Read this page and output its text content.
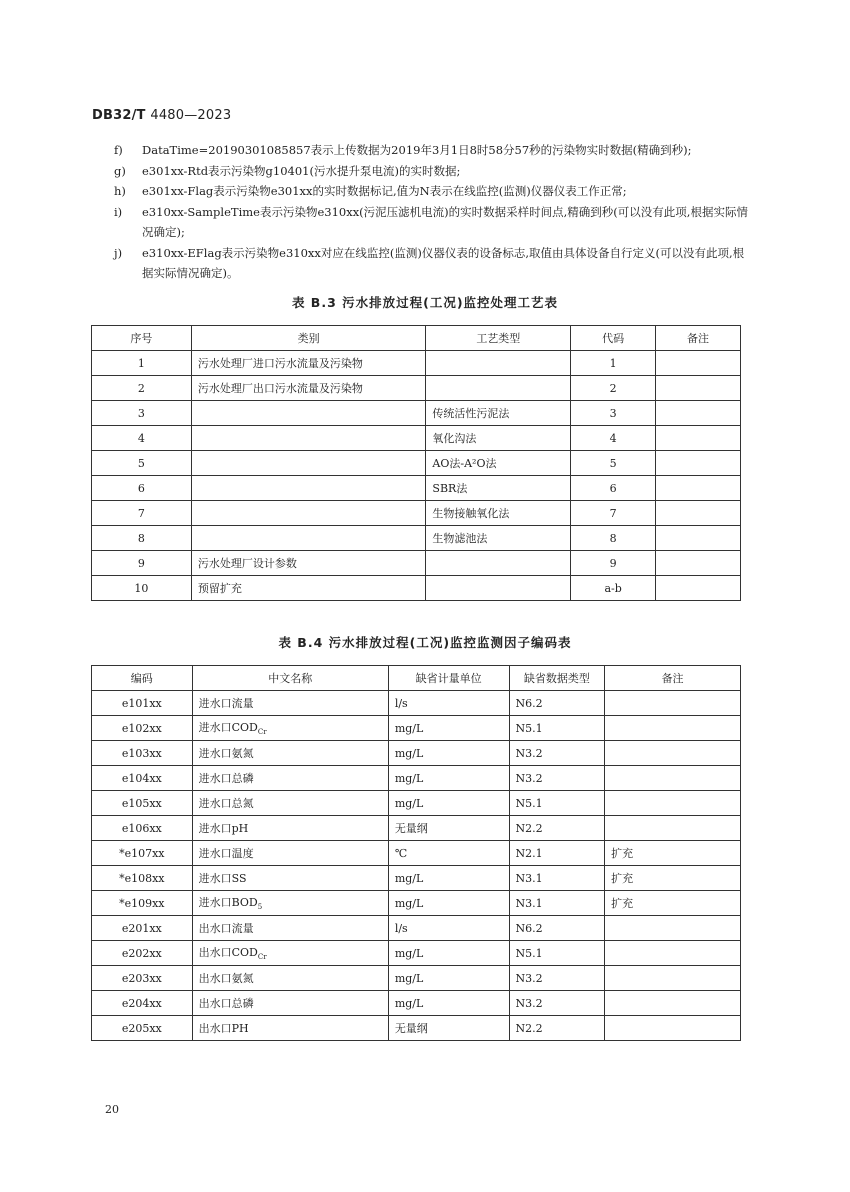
DB32/T 4480—2023
f)	DataTime=20190301085857表示上传数据为2019年3月1日8时58分57秒的污染物实时数据(精确到秒);
g)	e301xx-Rtd表示污染物g10401(污水提升泵电流)的实时数据;
h)	e301xx-Flag表示污染物e301xx的实时数据标记,值为N表示在线监控(监测)仪器仪表工作正常;
i)	e310xx-SampleTime表示污染物e310xx(污泥压滤机电流)的实时数据采样时间点,精确到秒(可以没有此项,根据实际情况确定);
j)	e310xx-EFlag表示污染物e310xx对应在线监控(监测)仪器仪表的设备标志,取值由具体设备自行定义(可以没有此项,根据实际情况确定)。
表 B.3 污水排放过程(工况)监控处理工艺表
序号	类别	工艺类型	代码	备注
1	污水处理厂进口污水流量及污染物		1	
2	污水处理厂出口污水流量及污染物		2	
3		传统活性污泥法	3	
4		氧化沟法	4	
5		AO法-A²O法	5	
6		SBR法	6	
7		生物接触氧化法	7	
8		生物滤池法	8	
9	污水处理厂设计参数		9	
10	预留扩充		a-b	
表 B.4 污水排放过程(工况)监控监测因子编码表
编码	中文名称	缺省计量单位	缺省数据类型	备注
e101xx	进水口流量	l/s	N6.2	
e102xx	进水口$COD_{Cr}$	mg/L	N5.1	
e103xx	进水口氨氮	mg/L	N3.2	
e104xx	进水口总磷	mg/L	N3.2	
e105xx	进水口总氮	mg/L	N5.1	
e106xx	进水口pH	无量纲	N2.2	
*e107xx	进水口温度	℃	N2.1	扩充
*e108xx	进水口SS	mg/L	N3.1	扩充
*e109xx	进水口$BOD_5$	mg/L	N3.1	扩充
e201xx	出水口流量	l/s	N6.2	
e202xx	出水口$COD_{Cr}$	mg/L	N5.1	
e203xx	出水口氨氮	mg/L	N3.2	
e204xx	出水口总磷	mg/L	N3.2	
e205xx	出水口PH	无量纲	N2.2	
20
